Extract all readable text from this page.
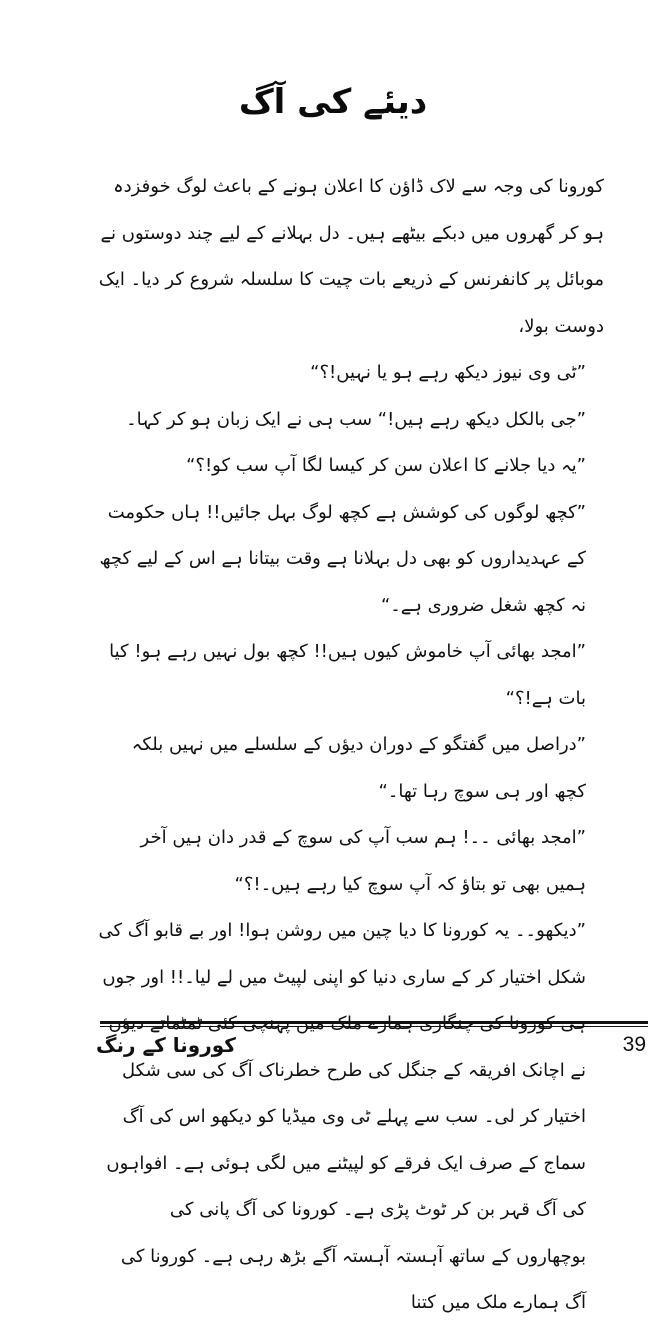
دیئے کی آگ

کورونا کی وجہ سے لاک ڈاؤن کا اعلان ہونے کے باعث لوگ خوفزدہ ہو کر گھروں میں دبکے بیٹھے ہیں۔ دل بہلانے کے لیے چند دوستوں نے موبائل پر کانفرنس کے ذریعے بات چیت کا سلسلہ شروع کر دیا۔ ایک دوست بولا،

”ٹی وی نیوز دیکھ رہے ہو یا نہیں!؟“

”جی بالکل دیکھ رہے ہیں!“ سب ہی نے ایک زبان ہو کر کہا۔

”یہ دیا جلانے کا اعلان سن کر کیسا لگا آپ سب کو!؟“

”کچھ لوگوں کی کوشش ہے کچھ لوگ بہل جائیں!! ہاں حکومت کے عہدیداروں کو بھی دل بہلانا ہے وقت بیتانا ہے اس کے لیے کچھ نہ کچھ شغل ضروری ہے۔“

”امجد بھائی آپ خاموش کیوں ہیں!! کچھ بول نہیں رہے ہو! کیا بات ہے!؟“

”دراصل میں گفتگو کے دوران دیؤں کے سلسلے میں نہیں بلکہ کچھ اور ہی سوچ رہا تھا۔“

”امجد بھائی ۔۔! ہم سب آپ کی سوچ کے قدر دان ہیں آخر ہمیں بھی تو بتاؤ کہ آپ سوچ کیا رہے ہیں۔!؟“

”دیکھو۔۔ یہ کورونا کا دیا چین میں روشن ہوا! اور بے قابو آگ کی شکل اختیار کر کے ساری دنیا کو اپنی لپیٹ میں لے لیا۔!! اور جوں نے اچانک افریقہ کے جنگل کی طرح خطرناک آگ کی سی شکل اختیار کر لی۔ سب سے پہلے ٹی وی میڈیا کو دیکھو اس کی آگ سماج کے صرف ایک فرقے کو لپیٹنے میں لگی ہوئی ہے۔ افواہوں کی آگ قہر بن کر ٹوٹ پڑی ہے۔ کورونا کی آگ پانی کی بوچھاروں کے ساتھ آہستہ آہستہ آگے بڑھ رہی ہے۔ کورونا کی آگ ہمارے ملک میں کتنا

کورونا کے رنگ	39
